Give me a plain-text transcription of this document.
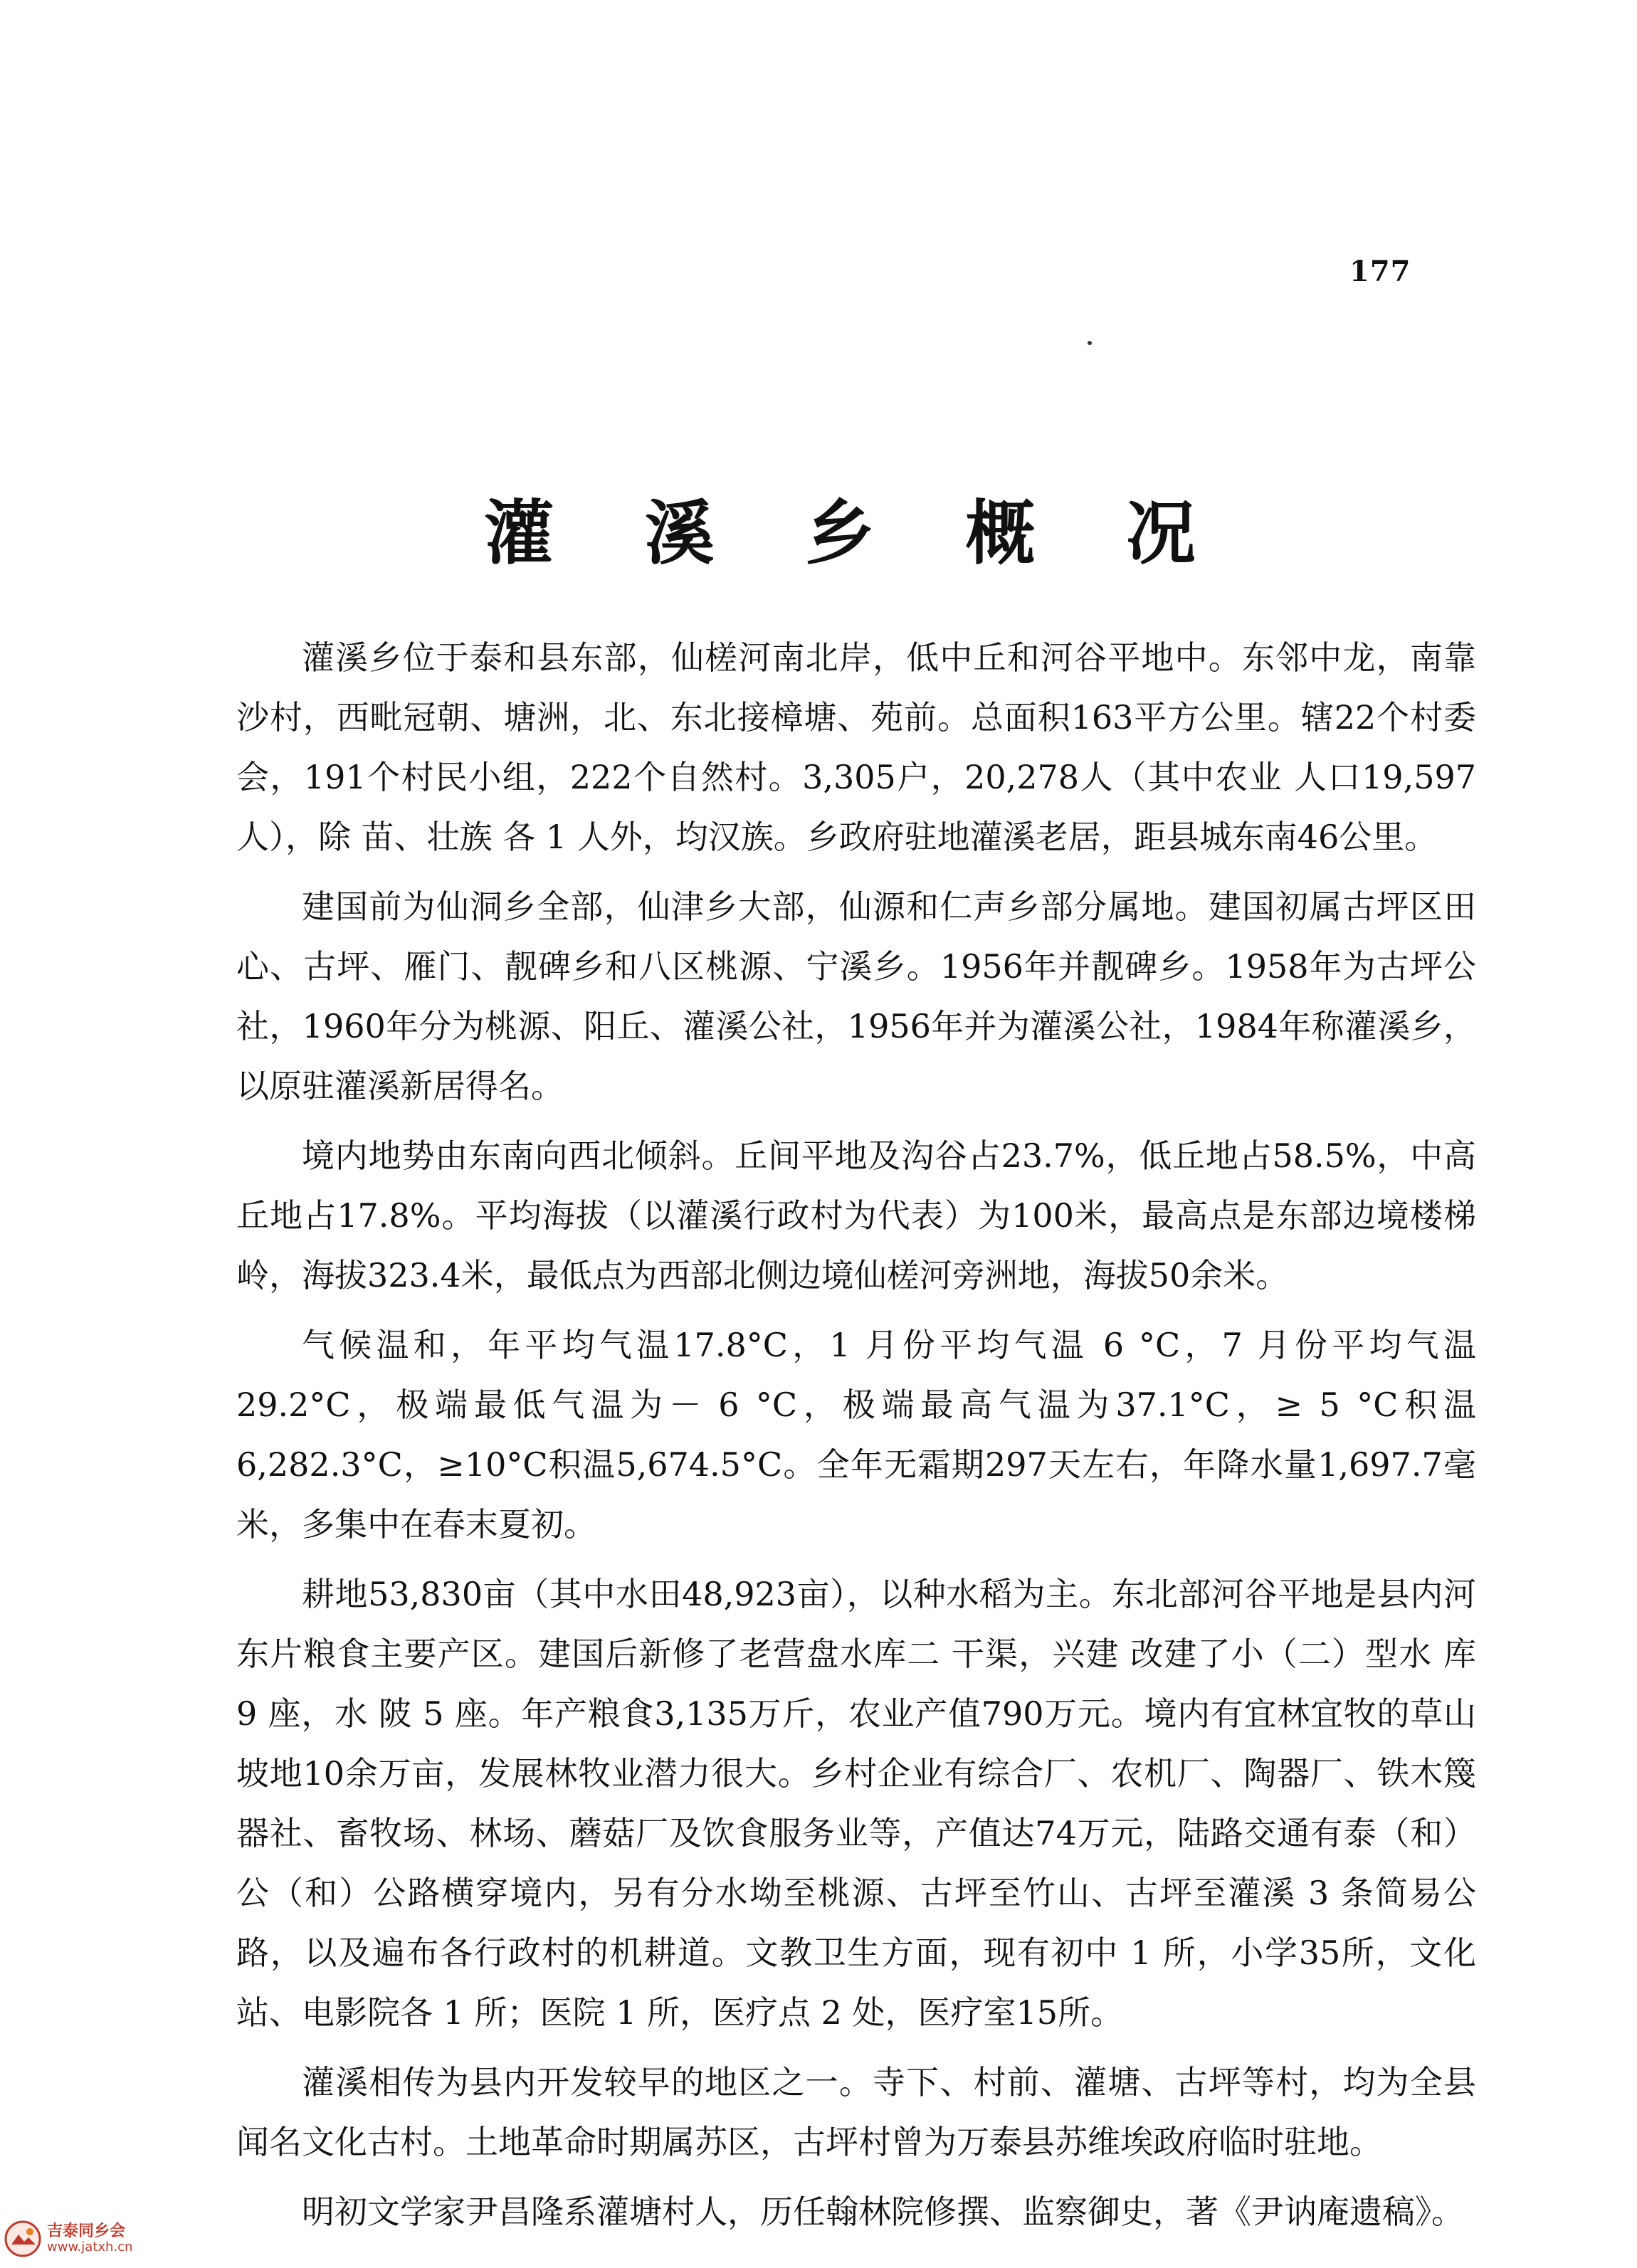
177
灌 溪 乡 概 况

灌溪乡位于泰和县东部，仙槎河南北岸，低中丘和河谷平地中。东邻中龙，南靠沙村，西毗冠朝、塘洲，北、东北接樟塘、苑前。总面积163平方公里。辖22个村委会，191个村民小组，222个自然村。3,305户，20,278人（其中农业 人口19,597人），除 苗、壮族 各 1 人外，均汉族。乡政府驻地灌溪老居，距县城东南46公里。

建国前为仙洞乡全部，仙津乡大部，仙源和仁声乡部分属地。建国初属古坪区田心、古坪、雁门、靓碑乡和八区桃源、宁溪乡。1956年并靓碑乡。1958年为古坪公社，1960年分为桃源、阳丘、灌溪公社，1956年并为灌溪公社，1984年称灌溪乡，以原驻灌溪新居得名。

境内地势由东南向西北倾斜。丘间平地及沟谷占23.7%，低丘地占58.5%，中高丘地占17.8%。平均海拔（以灌溪行政村为代表）为100米，最高点是东部边境楼梯岭，海拔323.4米，最低点为西部北侧边境仙槎河旁洲地，海拔50余米。

气候温和，年平均气温17.8°C，1 月份平均气温 6 °C，7 月份平均气温29.2°C，极端最低气温为－ 6 °C，极端最高气温为37.1°C，≥ 5 °C积温6,282.3°C，≥10°C积温5,674.5°C。全年无霜期297天左右，年降水量1,697.7毫米，多集中在春末夏初。

耕地53,830亩（其中水田48,923亩），以种水稻为主。东北部河谷平地是县内河东片粮食主要产区。建国后新修了老营盘水库二 干渠，兴建 改建了小（二）型水 库 9 座，水 陂 5 座。年产粮食3,135万斤，农业产值790万元。境内有宜林宜牧的草山坡地10余万亩，发展林牧业潜力很大。乡村企业有综合厂、农机厂、陶器厂、铁木篾器社、畜牧场、林场、蘑菇厂及饮食服务业等，产值达74万元，陆路交通有泰（和）公（和）公路横穿境内，另有分水坳至桃源、古坪至竹山、古坪至灌溪 3 条简易公路，以及遍布各行政村的机耕道。文教卫生方面，现有初中 1 所，小学35所，文化站、电影院各 1 所；医院 1 所，医疗点 2 处，医疗室15所。

灌溪相传为县内开发较早的地区之一。寺下、村前、灌塘、古坪等村，均为全县闻名文化古村。土地革命时期属苏区，古坪村曾为万泰县苏维埃政府临时驻地。

明初文学家尹昌隆系灌塘村人，历任翰林院修撰、监察御史，著《尹讷庵遗稿》。

吉泰同乡会
www.jatxh.cn
